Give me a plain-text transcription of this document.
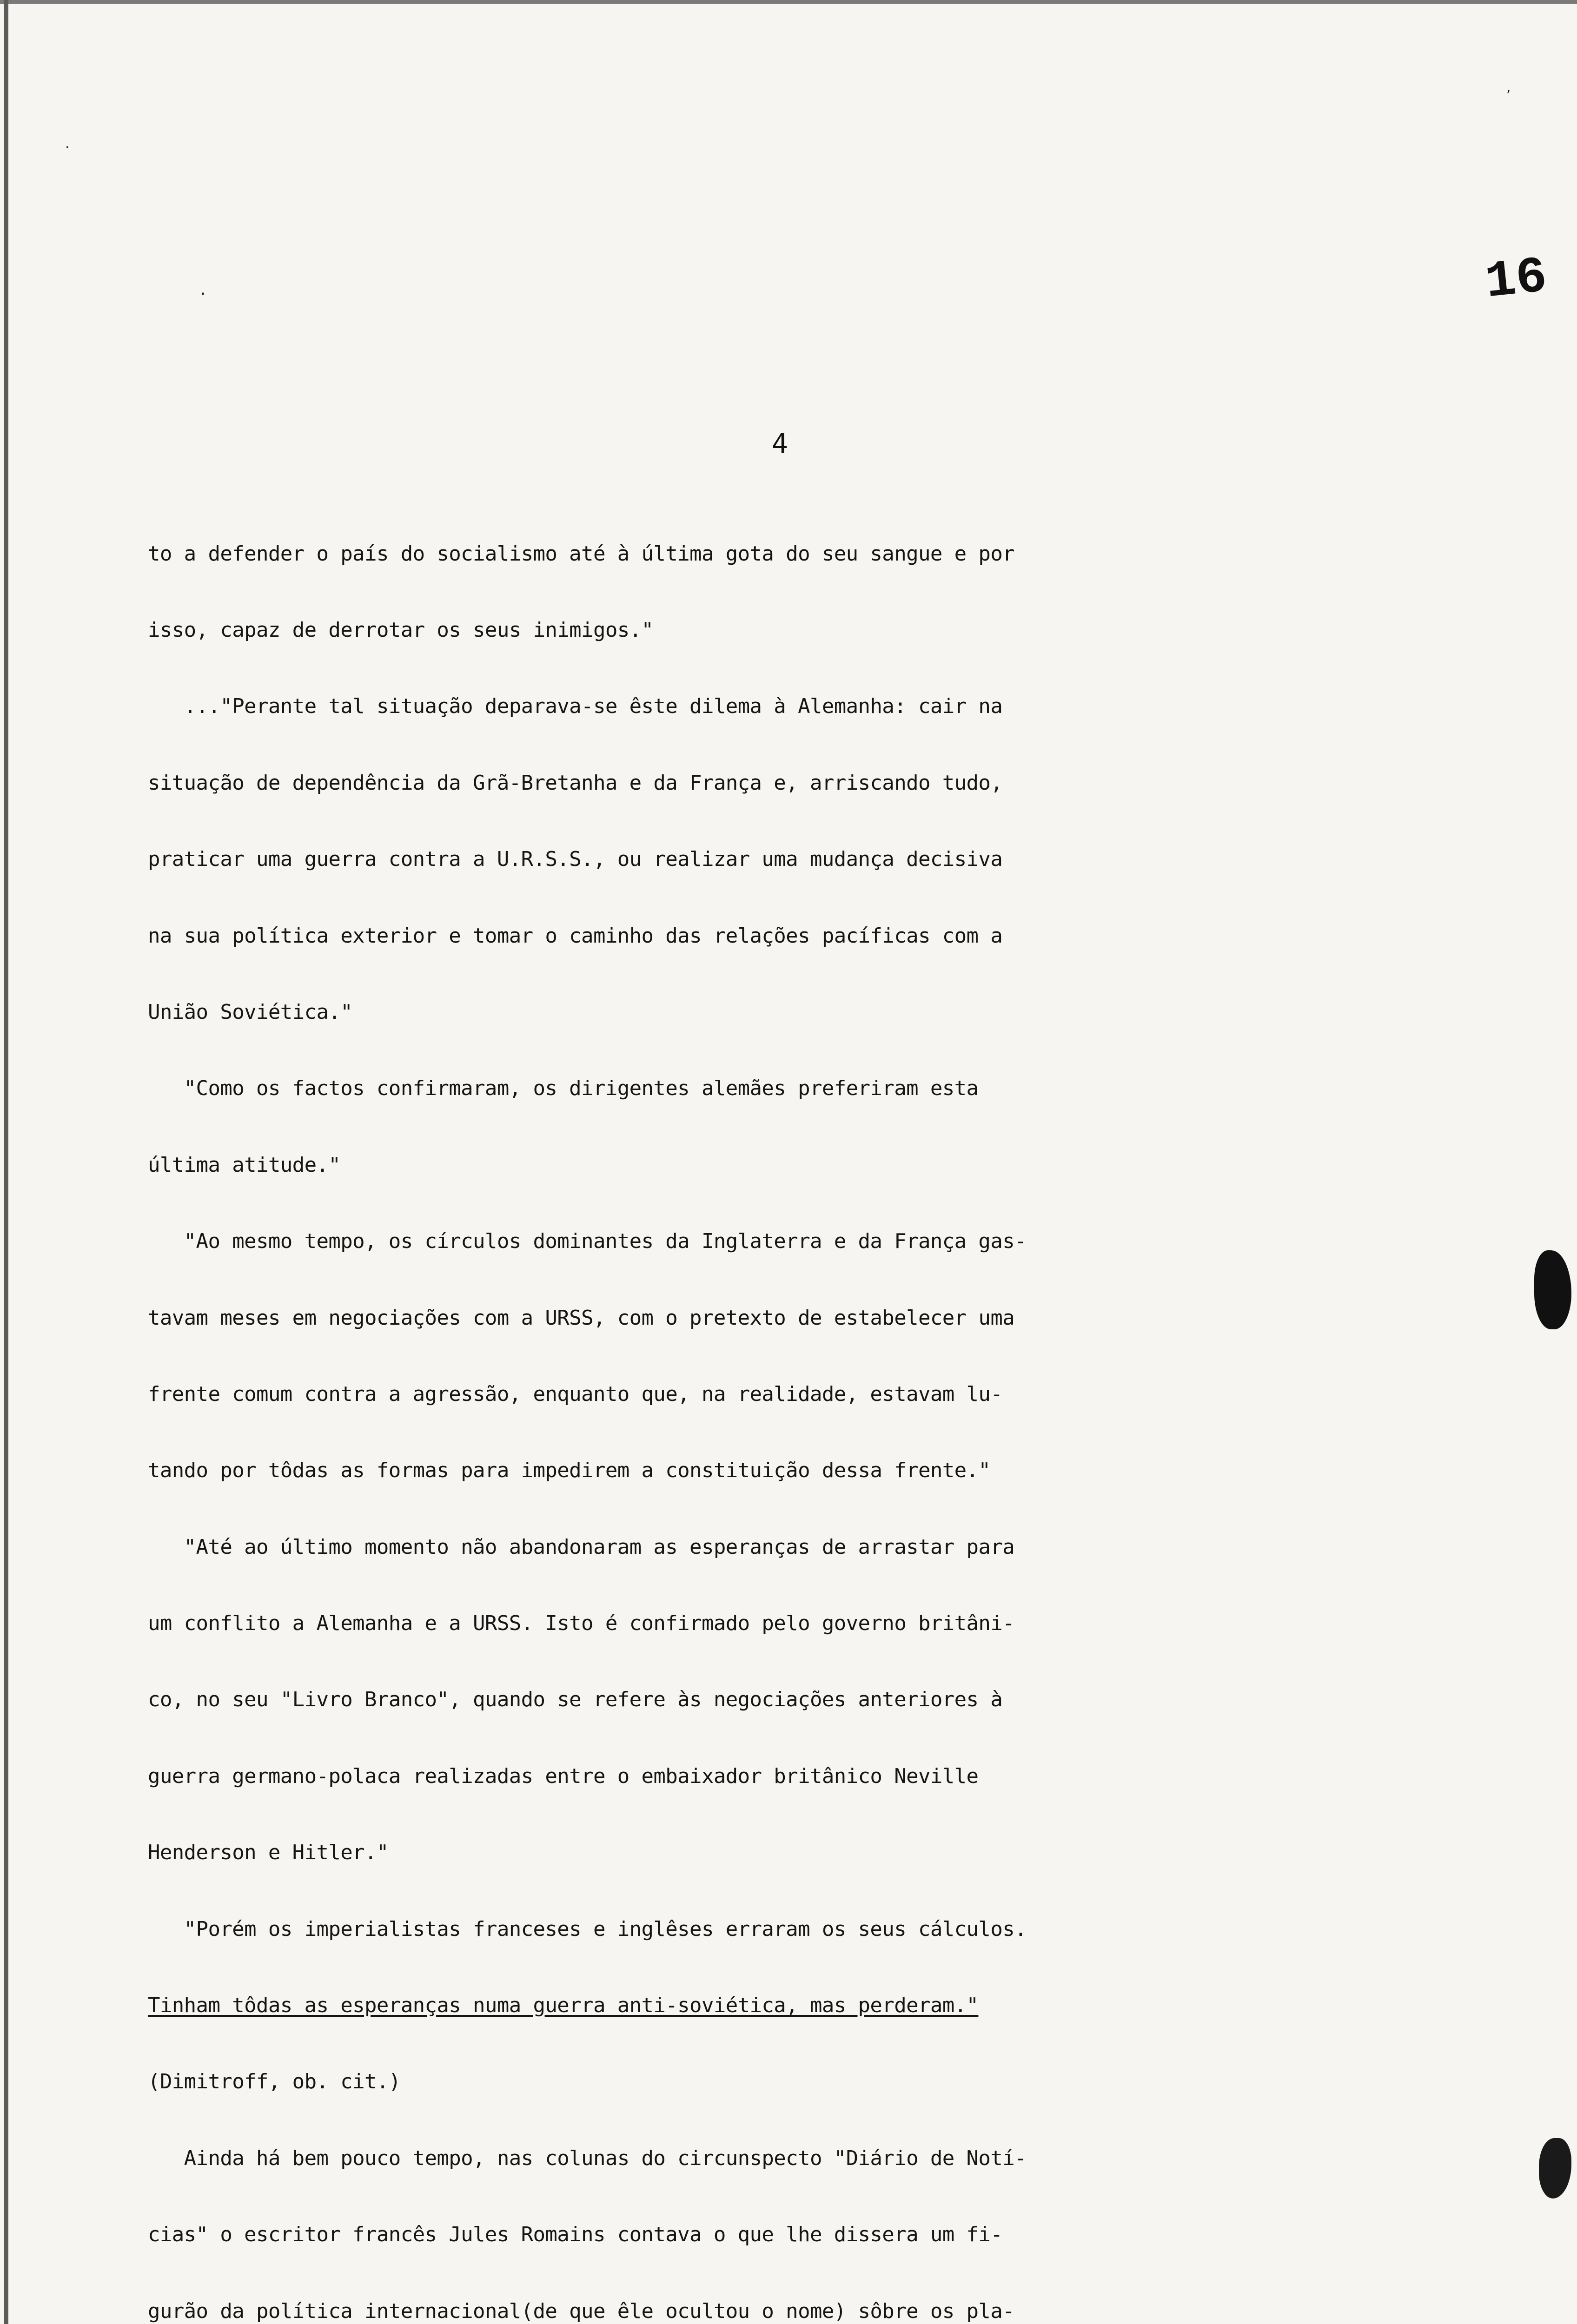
16
4
,
·
·

to a defender o país do socialismo até à última gota do seu sangue e por

isso, capaz de derrotar os seus inimigos."

..."Perante tal situação deparava-se êste dilema à Alemanha: cair na

situação de dependência da Grã-Bretanha e da França e, arriscando tudo,

praticar uma guerra contra a U.R.S.S., ou realizar uma mudança decisiva

na sua política exterior e tomar o caminho das relações pacíficas com a

União Soviética."

"Como os factos confirmaram, os dirigentes alemães preferiram esta

última atitude."

"Ao mesmo tempo, os círculos dominantes da Inglaterra e da França gas-

tavam meses em negociações com a URSS, com o pretexto de estabelecer uma

frente comum contra a agressão, enquanto que, na realidade, estavam lu-

tando por tôdas as formas para impedirem a constituição dessa frente."

"Até ao último momento não abandonaram as esperanças de arrastar para

um conflito a Alemanha e a URSS. Isto é confirmado pelo governo britâni-

co, no seu "Livro Branco", quando se refere às negociações anteriores à

guerra germano-polaca realizadas entre o embaixador britânico Neville

Henderson e Hitler."

"Porém os imperialistas franceses e inglêses erraram os seus cálculos.

Tinham tôdas as esperanças numa guerra anti-soviética, mas perderam."

(Dimitroff, ob. cit.)

Ainda há bem pouco tempo, nas colunas do circunspecto "Diário de Notí-

cias" o escritor francês Jules Romains contava o que lhe dissera um fi-

gurão da política internacional(de que êle ocultou o nome) sôbre os pla-
